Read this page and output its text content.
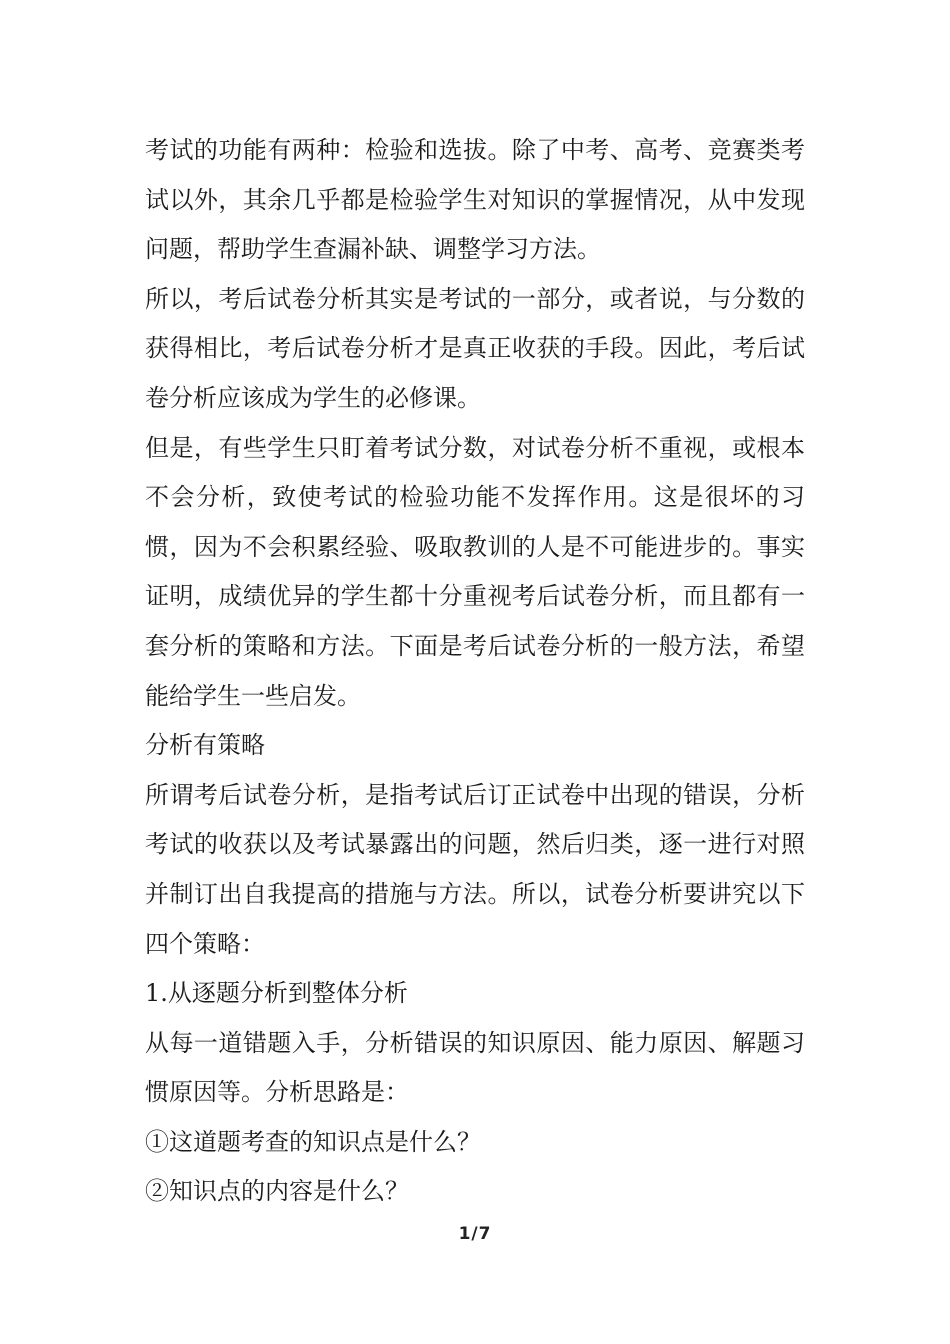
考试的功能有两种：检验和选拔。除了中考、高考、竞赛类考试以外，其余几乎都是检验学生对知识的掌握情况，从中发现问题，帮助学生查漏补缺、调整学习方法。

所以，考后试卷分析其实是考试的一部分，或者说，与分数的获得相比，考后试卷分析才是真正收获的手段。因此，考后试卷分析应该成为学生的必修课。

但是，有些学生只盯着考试分数，对试卷分析不重视，或根本不会分析，致使考试的检验功能不发挥作用。这是很坏的习惯，因为不会积累经验、吸取教训的人是不可能进步的。事实证明，成绩优异的学生都十分重视考后试卷分析，而且都有一套分析的策略和方法。下面是考后试卷分析的一般方法，希望能给学生一些启发。

分析有策略

所谓考后试卷分析，是指考试后订正试卷中出现的错误，分析考试的收获以及考试暴露出的问题，然后归类，逐一进行对照并制订出自我提高的措施与方法。所以，试卷分析要讲究以下四个策略：

1.从逐题分析到整体分析

从每一道错题入手，分析错误的知识原因、能力原因、解题习惯原因等。分析思路是：

①这道题考查的知识点是什么？

②知识点的内容是什么？

1/7
